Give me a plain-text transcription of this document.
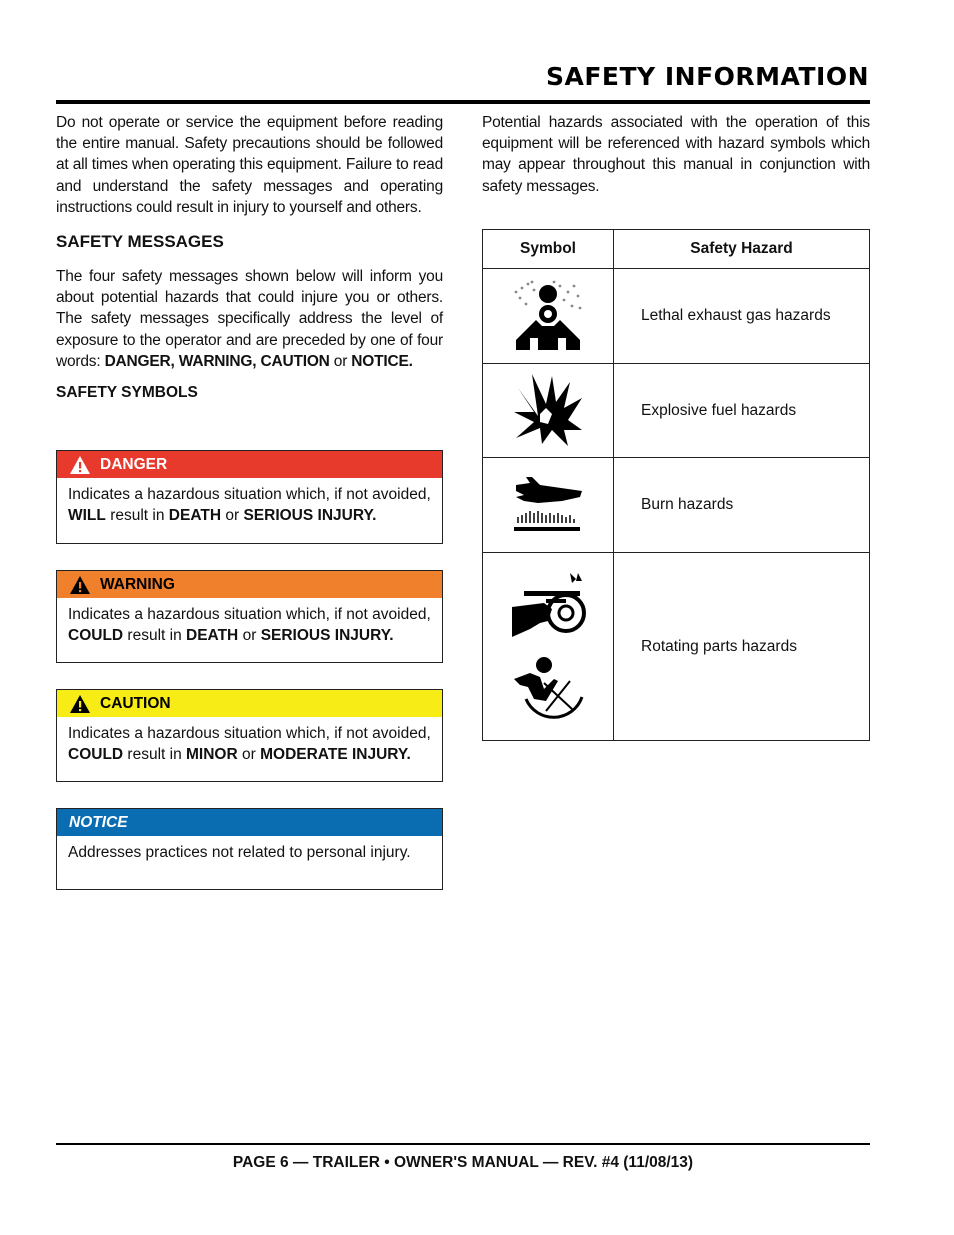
SAFETY INFORMATION

Do not operate or service the equipment before reading the entire manual. Safety precautions should be followed at all times when operating this equipment. Failure to read and understand the safety messages and operating instructions could result in injury to yourself and others.

SAFETY MESSAGES

The four safety messages shown below will inform you about potential hazards that could injure you or others. The safety messages specifically address the level of exposure to the operator and are preceded by one of four words: DANGER, WARNING, CAUTION or NOTICE.

SAFETY SYMBOLS
DANGER
Indicates a hazardous situation which, if not avoided, WILL result in DEATH or SERIOUS INJURY.
WARNING
Indicates a hazardous situation which, if not avoided, COULD result in DEATH or SERIOUS INJURY.
CAUTION
Indicates a hazardous situation which, if not avoided, COULD result in MINOR or MODERATE INJURY.
NOTICE
Addresses practices not related to personal injury.

Potential hazards associated with the operation of this equipment will be referenced with hazard symbols which may appear throughout this manual in conjunction with safety messages.

Symbol	Safety Hazard
	Lethal exhaust gas hazards
	Explosive fuel hazards
	Burn hazards
	Rotating parts hazards
PAGE 6 — TRAILER • OWNER'S MANUAL — REV. #4 (11/08/13)
